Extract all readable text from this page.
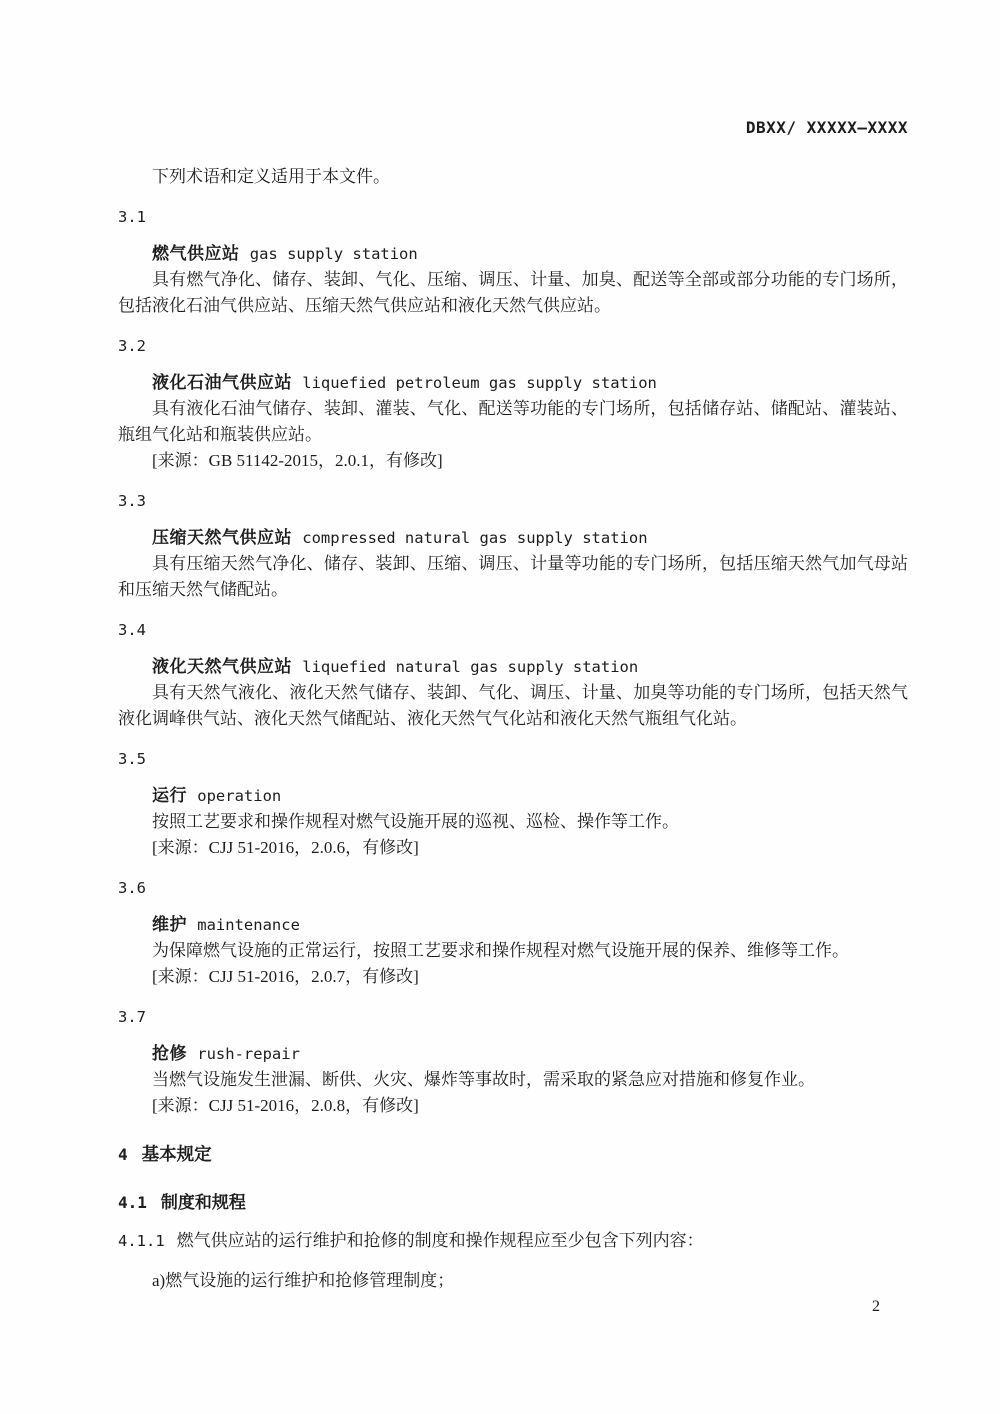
DBXX/ XXXXX—XXXX

下列术语和定义适用于本文件。

3.1
燃气供应站 gas supply station

具有燃气净化、储存、装卸、气化、压缩、调压、计量、加臭、配送等全部或部分功能的专门场所，包括液化石油气供应站、压缩天然气供应站和液化天然气供应站。

3.2
液化石油气供应站 liquefied petroleum gas supply station

具有液化石油气储存、装卸、灌装、气化、配送等功能的专门场所，包括储存站、储配站、灌装站、瓶组气化站和瓶装供应站。

[来源：GB 51142-2015，2.0.1，有修改]

3.3
压缩天然气供应站 compressed natural gas supply station

具有压缩天然气净化、储存、装卸、压缩、调压、计量等功能的专门场所，包括压缩天然气加气母站和压缩天然气储配站。

3.4
液化天然气供应站 liquefied natural gas supply station

具有天然气液化、液化天然气储存、装卸、气化、调压、计量、加臭等功能的专门场所，包括天然气液化调峰供气站、液化天然气储配站、液化天然气气化站和液化天然气瓶组气化站。

3.5
运行 operation

按照工艺要求和操作规程对燃气设施开展的巡视、巡检、操作等工作。

[来源：CJJ 51-2016，2.0.6，有修改]

3.6
维护 maintenance

为保障燃气设施的正常运行，按照工艺要求和操作规程对燃气设施开展的保养、维修等工作。

[来源：CJJ 51-2016，2.0.7，有修改]

3.7
抢修 rush-repair

当燃气设施发生泄漏、断供、火灾、爆炸等事故时，需采取的紧急应对措施和修复作业。

[来源：CJJ 51-2016，2.0.8，有修改]

4 基本规定
4.1 制度和规程
4.1.1 燃气供应站的运行维护和抢修的制度和操作规程应至少包含下列内容：
a)燃气设施的运行维护和抢修管理制度；
2
